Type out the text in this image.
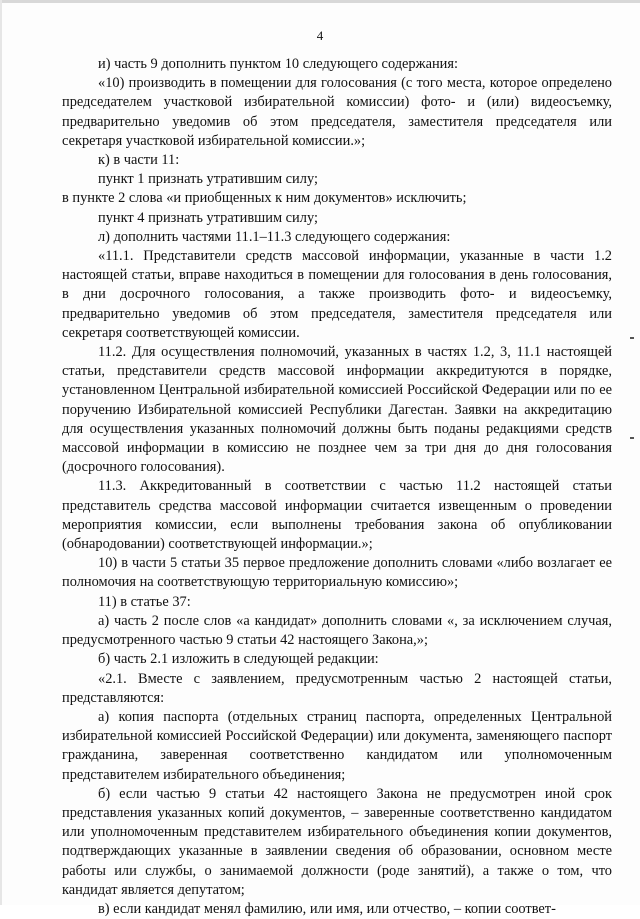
4

и) часть 9 дополнить пунктом 10 следующего содержания:

«10) производить в помещении для голосования (с того места, которое определено председателем участковой избирательной комиссии) фото- и (или) видеосъемку, предварительно уведомив об этом председателя, заместителя председателя или секретаря участковой избирательной комиссии.»;

к) в части 11:

пункт 1 признать утратившим силу;

в пункте 2 слова «и приобщенных к ним документов» исключить;

пункт 4 признать утратившим силу;

л) дополнить частями 11.1–11.3 следующего содержания:

«11.1. Представители средств массовой информации, указанные в части 1.2 настоящей статьи, вправе находиться в помещении для голосования в день голосования, в дни досрочного голосования, а также производить фото- и видеосъемку, предварительно уведомив об этом председателя, заместителя председателя или секретаря соответствующей комиссии.

11.2. Для осуществления полномочий, указанных в частях 1.2, 3, 11.1 настоящей статьи, представители средств массовой информации аккредитуются в порядке, установленном Центральной избирательной комиссией Российской Федерации или по ее поручению Избирательной комиссией Республики Дагестан. Заявки на аккредитацию для осуществления указанных полномочий должны быть поданы редакциями средств массовой информации в комиссию не позднее чем за три дня до дня голосования (досрочного голосования).

11.3. Аккредитованный в соответствии с частью 11.2 настоящей статьи представитель средства массовой информации считается извещенным о проведении мероприятия комиссии, если выполнены требования закона об опубликовании (обнародовании) соответствующей информации.»;

10) в части 5 статьи 35 первое предложение дополнить словами «либо возлагает ее полномочия на соответствующую территориальную комиссию»;

11) в статье 37:

а) часть 2 после слов «а кандидат» дополнить словами «, за исключением случая, предусмотренного частью 9 статьи 42 настоящего Закона,»;

б) часть 2.1 изложить в следующей редакции:

«2.1. Вместе с заявлением, предусмотренным частью 2 настоящей статьи, представляются:

а) копия паспорта (отдельных страниц паспорта, определенных Центральной избирательной комиссией Российской Федерации) или документа, заменяющего паспорт гражданина, заверенная соответственно кандидатом или уполномоченным представителем избирательного объединения;

б) если частью 9 статьи 42 настоящего Закона не предусмотрен иной срок представления указанных копий документов, – заверенные соответственно кандидатом или уполномоченным представителем избирательного объединения копии документов, подтверждающих указанные в заявлении сведения об образовании, основном месте работы или службы, о занимаемой должности (роде занятий), а также о том, что кандидат является депутатом;

в) если кандидат менял фамилию, или имя, или отчество, – копии соответ-
